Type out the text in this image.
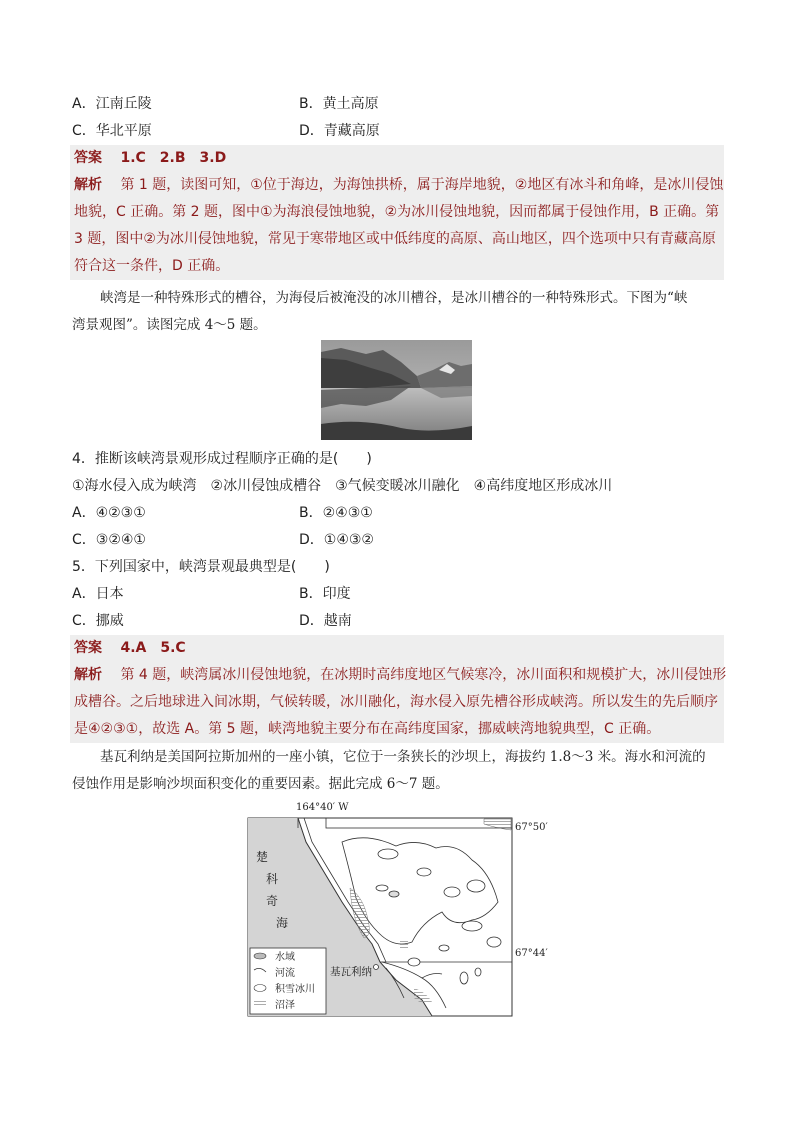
A．江南丘陵	B．黄土高原
C．华北平原	D．青藏高原
答案　 1.C　2.B　3.D
解析　 第 1 题，读图可知，①位于海边，为海蚀拱桥，属于海岸地貌，②地区有冰斗和角峰，是冰川侵蚀
地貌，C 正确。第 2 题，图中①为海浪侵蚀地貌，②为冰川侵蚀地貌，因而都属于侵蚀作用，B 正确。第
3 题，图中②为冰川侵蚀地貌，常见于寒带地区或中低纬度的高原、高山地区，四个选项中只有青藏高原
符合这一条件，D 正确。
峡湾是一种特殊形式的槽谷，为海侵后被淹没的冰川槽谷，是冰川槽谷的一种特殊形式。下图为“峡
湾景观图”。读图完成 4～5 题。
4．推断该峡湾景观形成过程顺序正确的是(　　)
①海水侵入成为峡湾　②冰川侵蚀成槽谷　③气候变暖冰川融化　④高纬度地区形成冰川
A．④②③①	B．②④③①
C．③②④①	D．①④③②
5．下列国家中，峡湾景观最典型是(　　)
A．日本	B．印度
C．挪威	D．越南
答案　 4.A　5.C
解析　 第 4 题，峡湾属冰川侵蚀地貌，在冰期时高纬度地区气候寒冷，冰川面积和规模扩大，冰川侵蚀形
成槽谷。之后地球进入间冰期，气候转暖，冰川融化，海水侵入原先槽谷形成峡湾。所以发生的先后顺序
是④②③①，故选 A。第 5 题，峡湾地貌主要分布在高纬度国家，挪威峡湾地貌典型，C 正确。
基瓦利纳是美国阿拉斯加州的一座小镇，它位于一条狭长的沙坝上，海拔约 1.8～3 米。海水和河流的
侵蚀作用是影响沙坝面积变化的重要因素。据此完成 6～7 题。
164°40′ W
67°50′
67°44′
楚
科
奇
海
基瓦利纳
水域
河流
积雪冰川
沼泽
